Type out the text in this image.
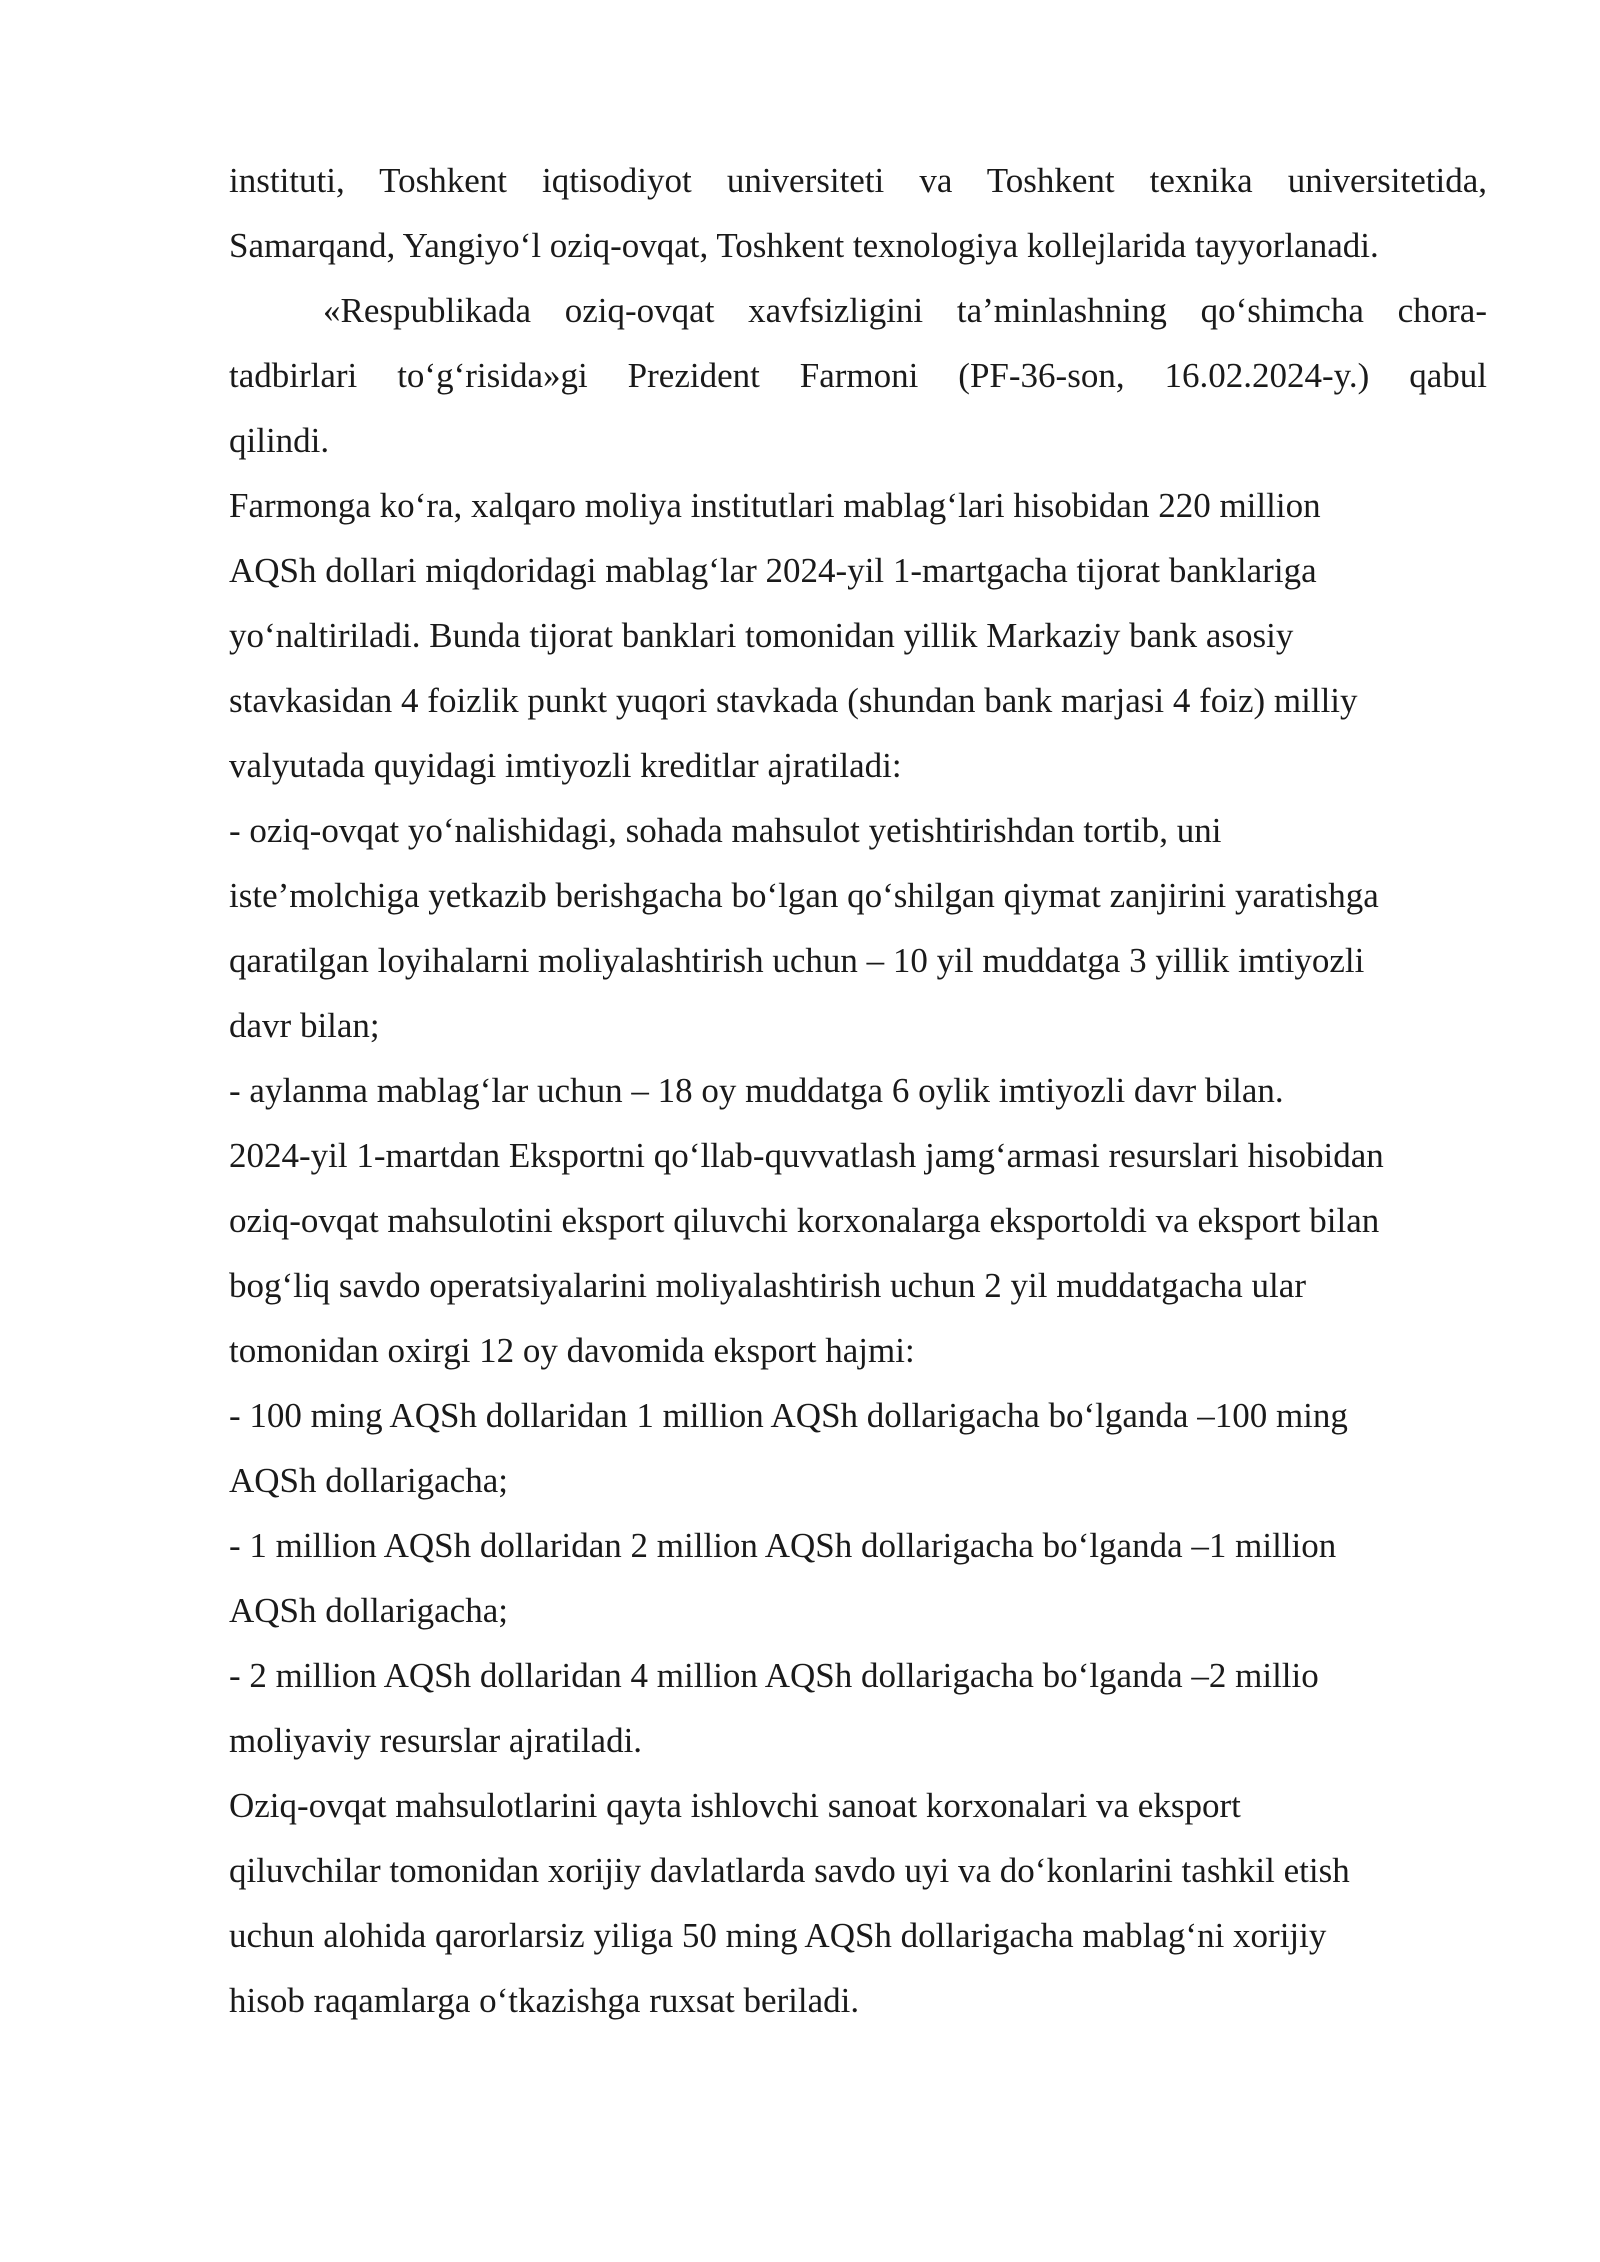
instituti, Toshkent iqtisodiyot universiteti va Toshkent texnika universitetida,
Samarqand, Yangiyo‘l oziq-ovqat, Toshkent texnologiya kollejlarida tayyorlanadi.
«Respublikada oziq-ovqat xavfsizligini ta’minlashning qo‘shimcha chora-
tadbirlari to‘g‘risida»gi Prezident Farmoni (PF-36-son, 16.02.2024-y.) qabul
qilindi.
Farmonga ko‘ra, xalqaro moliya institutlari mablag‘lari hisobidan 220 million
AQSh dollari miqdoridagi mablag‘lar 2024-yil 1-martgacha tijorat banklariga
yo‘naltiriladi. Bunda tijorat banklari tomonidan yillik Markaziy bank asosiy
stavkasidan 4 foizlik punkt yuqori stavkada (shundan bank marjasi 4 foiz) milliy
valyutada quyidagi imtiyozli kreditlar ajratiladi:
- oziq-ovqat yo‘nalishidagi, sohada mahsulot yetishtirishdan tortib, uni
iste’molchiga yetkazib berishgacha bo‘lgan qo‘shilgan qiymat zanjirini yaratishga
qaratilgan loyihalarni moliyalashtirish uchun – 10 yil muddatga 3 yillik imtiyozli
davr bilan;
- aylanma mablag‘lar uchun – 18 oy muddatga 6 oylik imtiyozli davr bilan.
2024-yil 1-martdan Eksportni qo‘llab-quvvatlash jamg‘armasi resurslari hisobidan
oziq-ovqat mahsulotini eksport qiluvchi korxonalarga eksportoldi va eksport bilan
bog‘liq savdo operatsiyalarini moliyalashtirish uchun 2 yil muddatgacha ular
tomonidan oxirgi 12 oy davomida eksport hajmi:
- 100 ming AQSh dollaridan 1 million AQSh dollarigacha bo‘lganda –100 ming
AQSh dollarigacha;
- 1 million AQSh dollaridan 2 million AQSh dollarigacha bo‘lganda –1 million
AQSh dollarigacha;
- 2 million AQSh dollaridan 4 million AQSh dollarigacha bo‘lganda –2 millio
moliyaviy resurslar ajratiladi.
Oziq-ovqat mahsulotlarini qayta ishlovchi sanoat korxonalari va eksport
qiluvchilar tomonidan xorijiy davlatlarda savdo uyi va do‘konlarini tashkil etish
uchun alohida qarorlarsiz yiliga 50 ming AQSh dollarigacha mablag‘ni xorijiy
hisob raqamlarga o‘tkazishga ruxsat beriladi.
